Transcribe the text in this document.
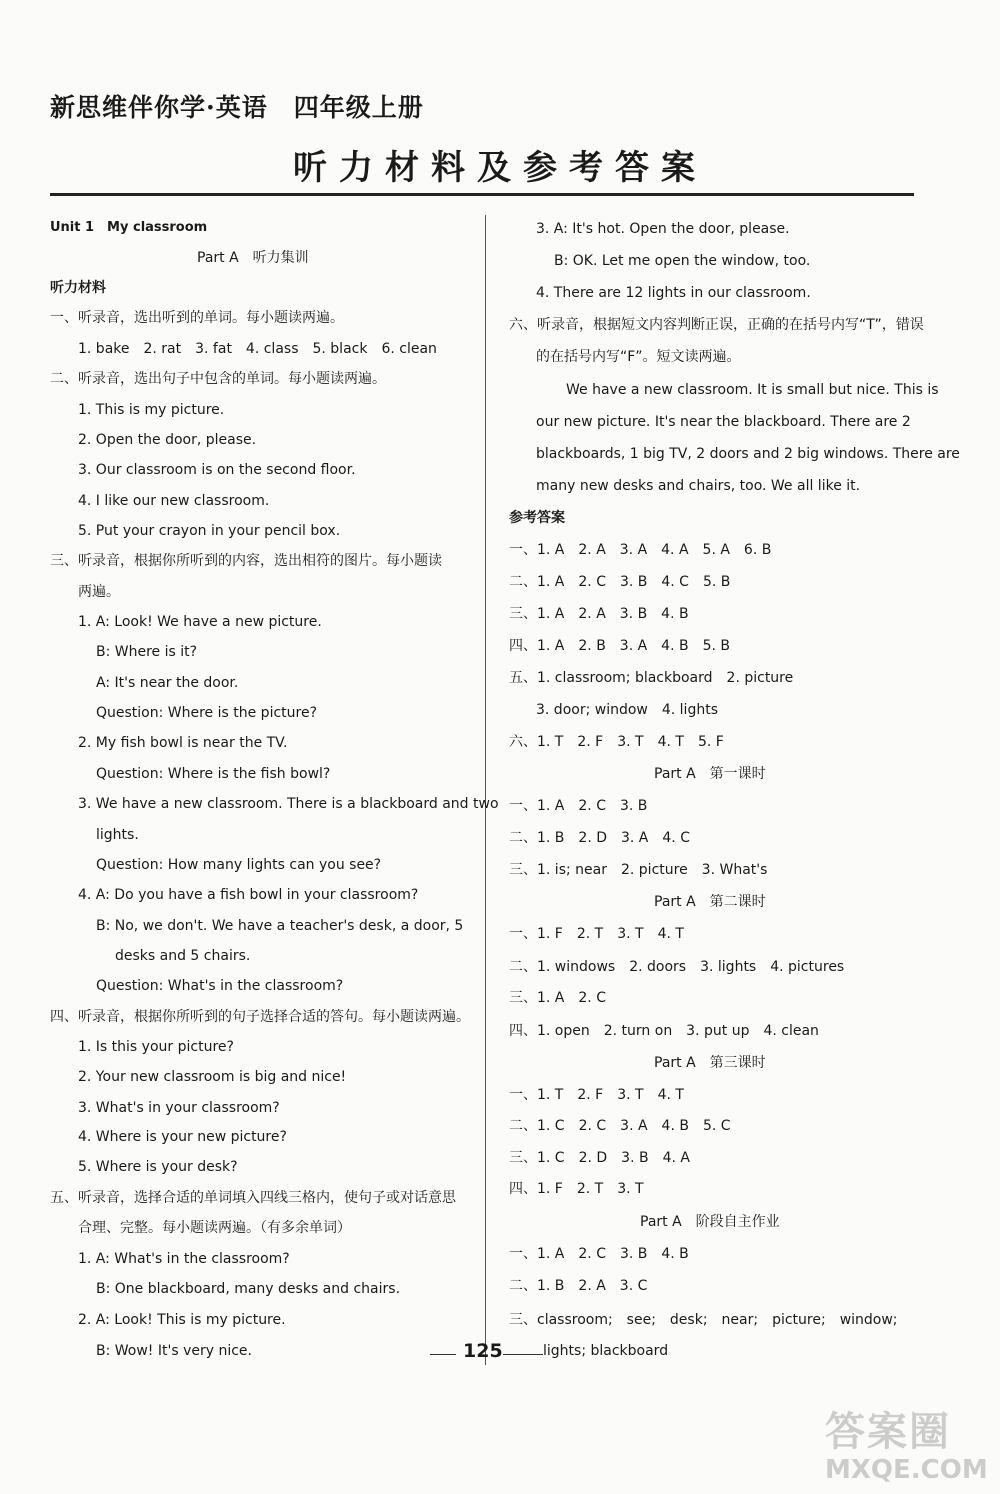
新思维伴你学·英语　四年级上册
听力材料及参考答案
Unit 1　My classroom
Part A　听力集训
听力材料
一、听录音，选出听到的单词。每小题读两遍。
1. bake　2. rat　3. fat　4. class　5. black　6. clean
二、听录音，选出句子中包含的单词。每小题读两遍。
1. This is my picture.
2. Open the door, please.
3. Our classroom is on the second floor.
4. I like our new classroom.
5. Put your crayon in your pencil box.
三、听录音，根据你所听到的内容，选出相符的图片。每小题读
两遍。
1. A: Look! We have a new picture.
B: Where is it?
A: It's near the door.
Question: Where is the picture?
2. My fish bowl is near the TV.
Question: Where is the fish bowl?
3. We have a new classroom. There is a blackboard and two
lights.
Question: How many lights can you see?
4. A: Do you have a fish bowl in your classroom?
B: No, we don't. We have a teacher's desk, a door, 5
desks and 5 chairs.
Question: What's in the classroom?
四、听录音，根据你所听到的句子选择合适的答句。每小题读两遍。
1. Is this your picture?
2. Your new classroom is big and nice!
3. What's in your classroom?
4. Where is your new picture?
5. Where is your desk?
五、听录音，选择合适的单词填入四线三格内，使句子或对话意思
合理、完整。每小题读两遍。（有多余单词）
1. A: What's in the classroom?
B: One blackboard, many desks and chairs.
2. A: Look! This is my picture.
B: Wow! It's very nice.
3. A: It's hot. Open the door, please.
B: OK. Let me open the window, too.
4. There are 12 lights in our classroom.
六、听录音，根据短文内容判断正误，正确的在括号内写“T”，错误
的在括号内写“F”。短文读两遍。
We have a new classroom. It is small but nice. This is
our new picture. It's near the blackboard. There are 2
blackboards, 1 big TV, 2 doors and 2 big windows. There are
many new desks and chairs, too. We all like it.
参考答案
一、1. A　2. A　3. A　4. A　5. A　6. B
二、1. A　2. C　3. B　4. C　5. B
三、1. A　2. A　3. B　4. B
四、1. A　2. B　3. A　4. B　5. B
五、1. classroom; blackboard　2. picture
3. door; window　4. lights
六、1. T　2. F　3. T　4. T　5. F
Part A　第一课时
一、1. A　2. C　3. B
二、1. B　2. D　3. A　4. C
三、1. is; near　2. picture　3. What's
Part A　第二课时
一、1. F　2. T　3. T　4. T
二、1. windows　2. doors　3. lights　4. pictures
三、1. A　2. C
四、1. open　2. turn on　3. put up　4. clean
Part A　第三课时
一、1. T　2. F　3. T　4. T
二、1. C　2. C　3. A　4. B　5. C
三、1. C　2. D　3. B　4. A
四、1. F　2. T　3. T
Part A　阶段自主作业
一、1. A　2. C　3. B　4. B
二、1. B　2. A　3. C
三、classroom;　see;　desk;　near;　picture;　window;
lights; blackboard
125
答案圈
MXQE.COM
